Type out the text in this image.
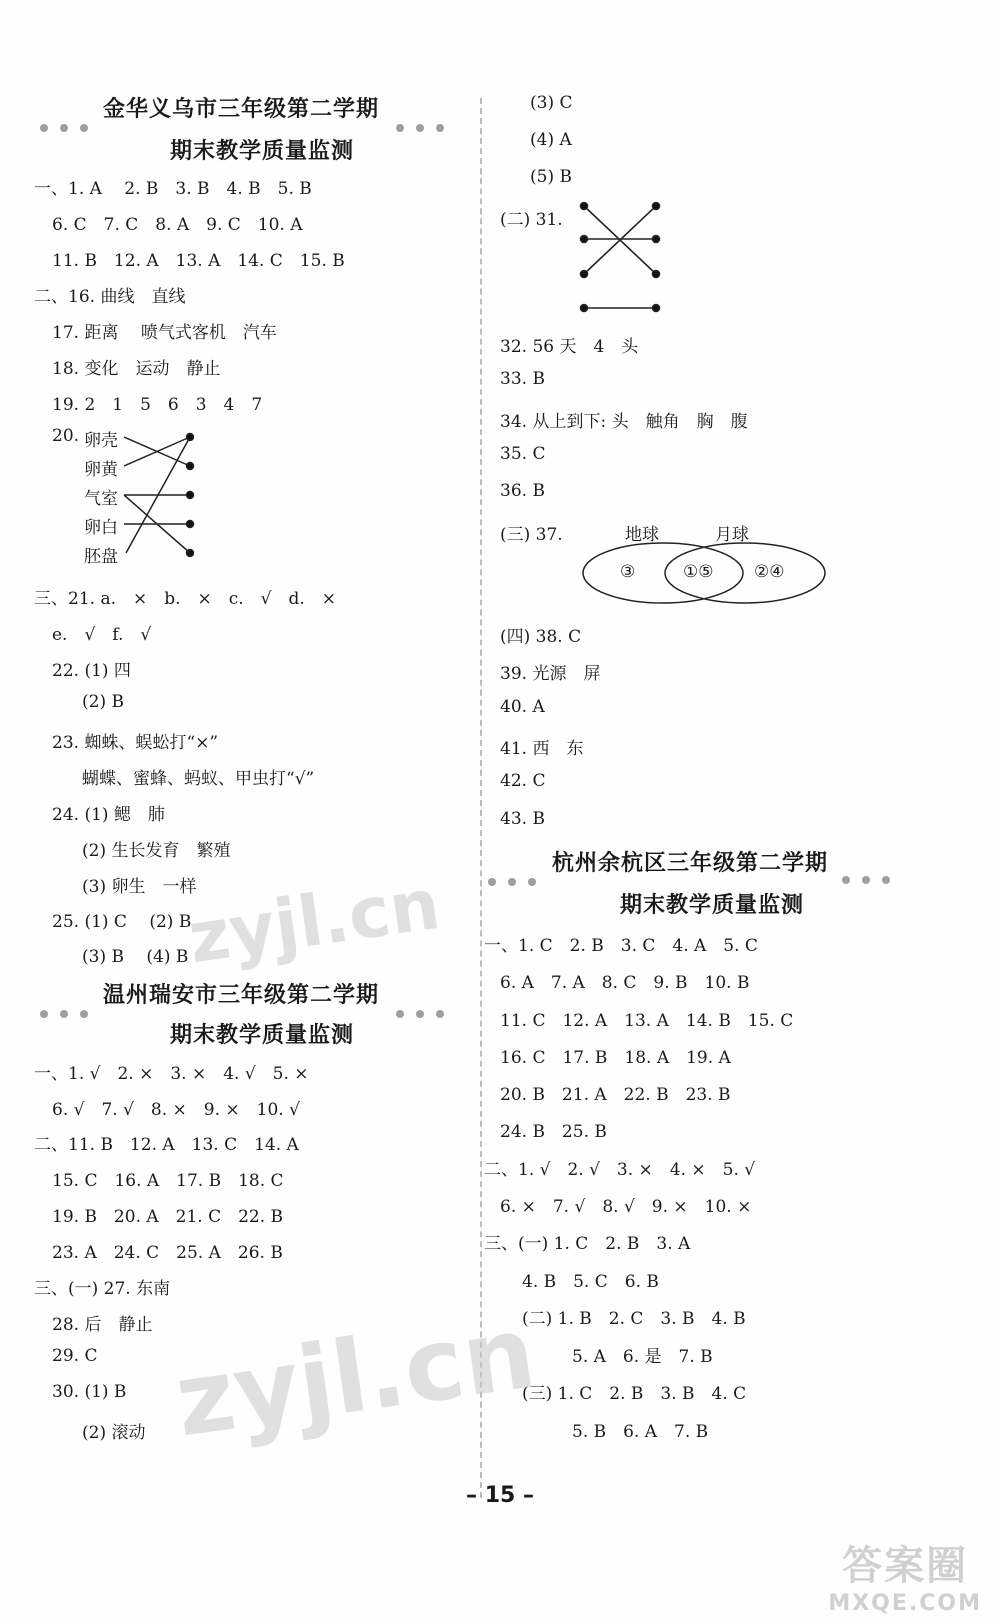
金华义乌市三年级第二学期
期末教学质量监测
一、1. A　 2. B　3. B　4. B　5. B
6. C　7. C　8. A　9. C　10. A
11. B　12. A　13. A　14. C　15. B
二、16. 曲线　直线
17. 距离　 喷气式客机　汽车
18. 变化　运动　静止
19. 2　1　5　6　3　4　7
20. 卵壳
卵黄
气室
卵白
胚盘
三、21. a.　×　b.　×　c.　√　d.　×
e.　√　f.　√
22. (1) 四
(2) B
23. 蜘蛛、蜈蚣打“×”
蝴蝶、蜜蜂、蚂蚁、甲虫打“√”
24. (1) 鳃　肺
(2) 生长发育　繁殖
(3) 卵生　一样
25. (1) C　 (2) B
(3) B　 (4) B
温州瑞安市三年级第二学期
期末教学质量监测
一、1. √　2. ×　3. ×　4. √　5. ×
6. √　7. √　8. ×　9. ×　10. √
二、11. B　12. A　13. C　14. A
15. C　16. A　17. B　18. C
19. B　20. A　21. C　22. B
23. A　24. C　25. A　26. B
三、(一) 27. 东南
28. 后　静止
29. C
30. (1) B
(2) 滚动
(3) C
(4) A
(5) B
(二) 31.
32. 56 天　4　头
33. B
34. 从上到下: 头　触角　胸　腹
35. C
36. B
(三) 37.	地球	月球
③	①⑤ ②④
(四) 38. C
39. 光源　屏
40. A
41. 西　东
42. C
43. B
杭州余杭区三年级第二学期
期末教学质量监测
一、1. C　2. B　3. C　4. A　5. C
6. A　7. A　8. C　9. B　10. B
11. C　12. A　13. A　14. B　15. C
16. C　17. B　18. A　19. A
20. B　21. A　22. B　23. B
24. B　25. B
二、1. √　2. √　3. ×　4. ×　5. √
6. ×　7. √　8. √　9. ×　10. ×
三、(一) 1. C　2. B　3. A
4. B　5. C　6. B
(二) 1. B　2. C　3. B　4. B
5. A　6. 是　7. B
(三) 1. C　2. B　3. B　4. C
5. B　6. A　7. B
zyjl.cn
zyjl.cn
– 15 –
答案圈
MXQE.COM
